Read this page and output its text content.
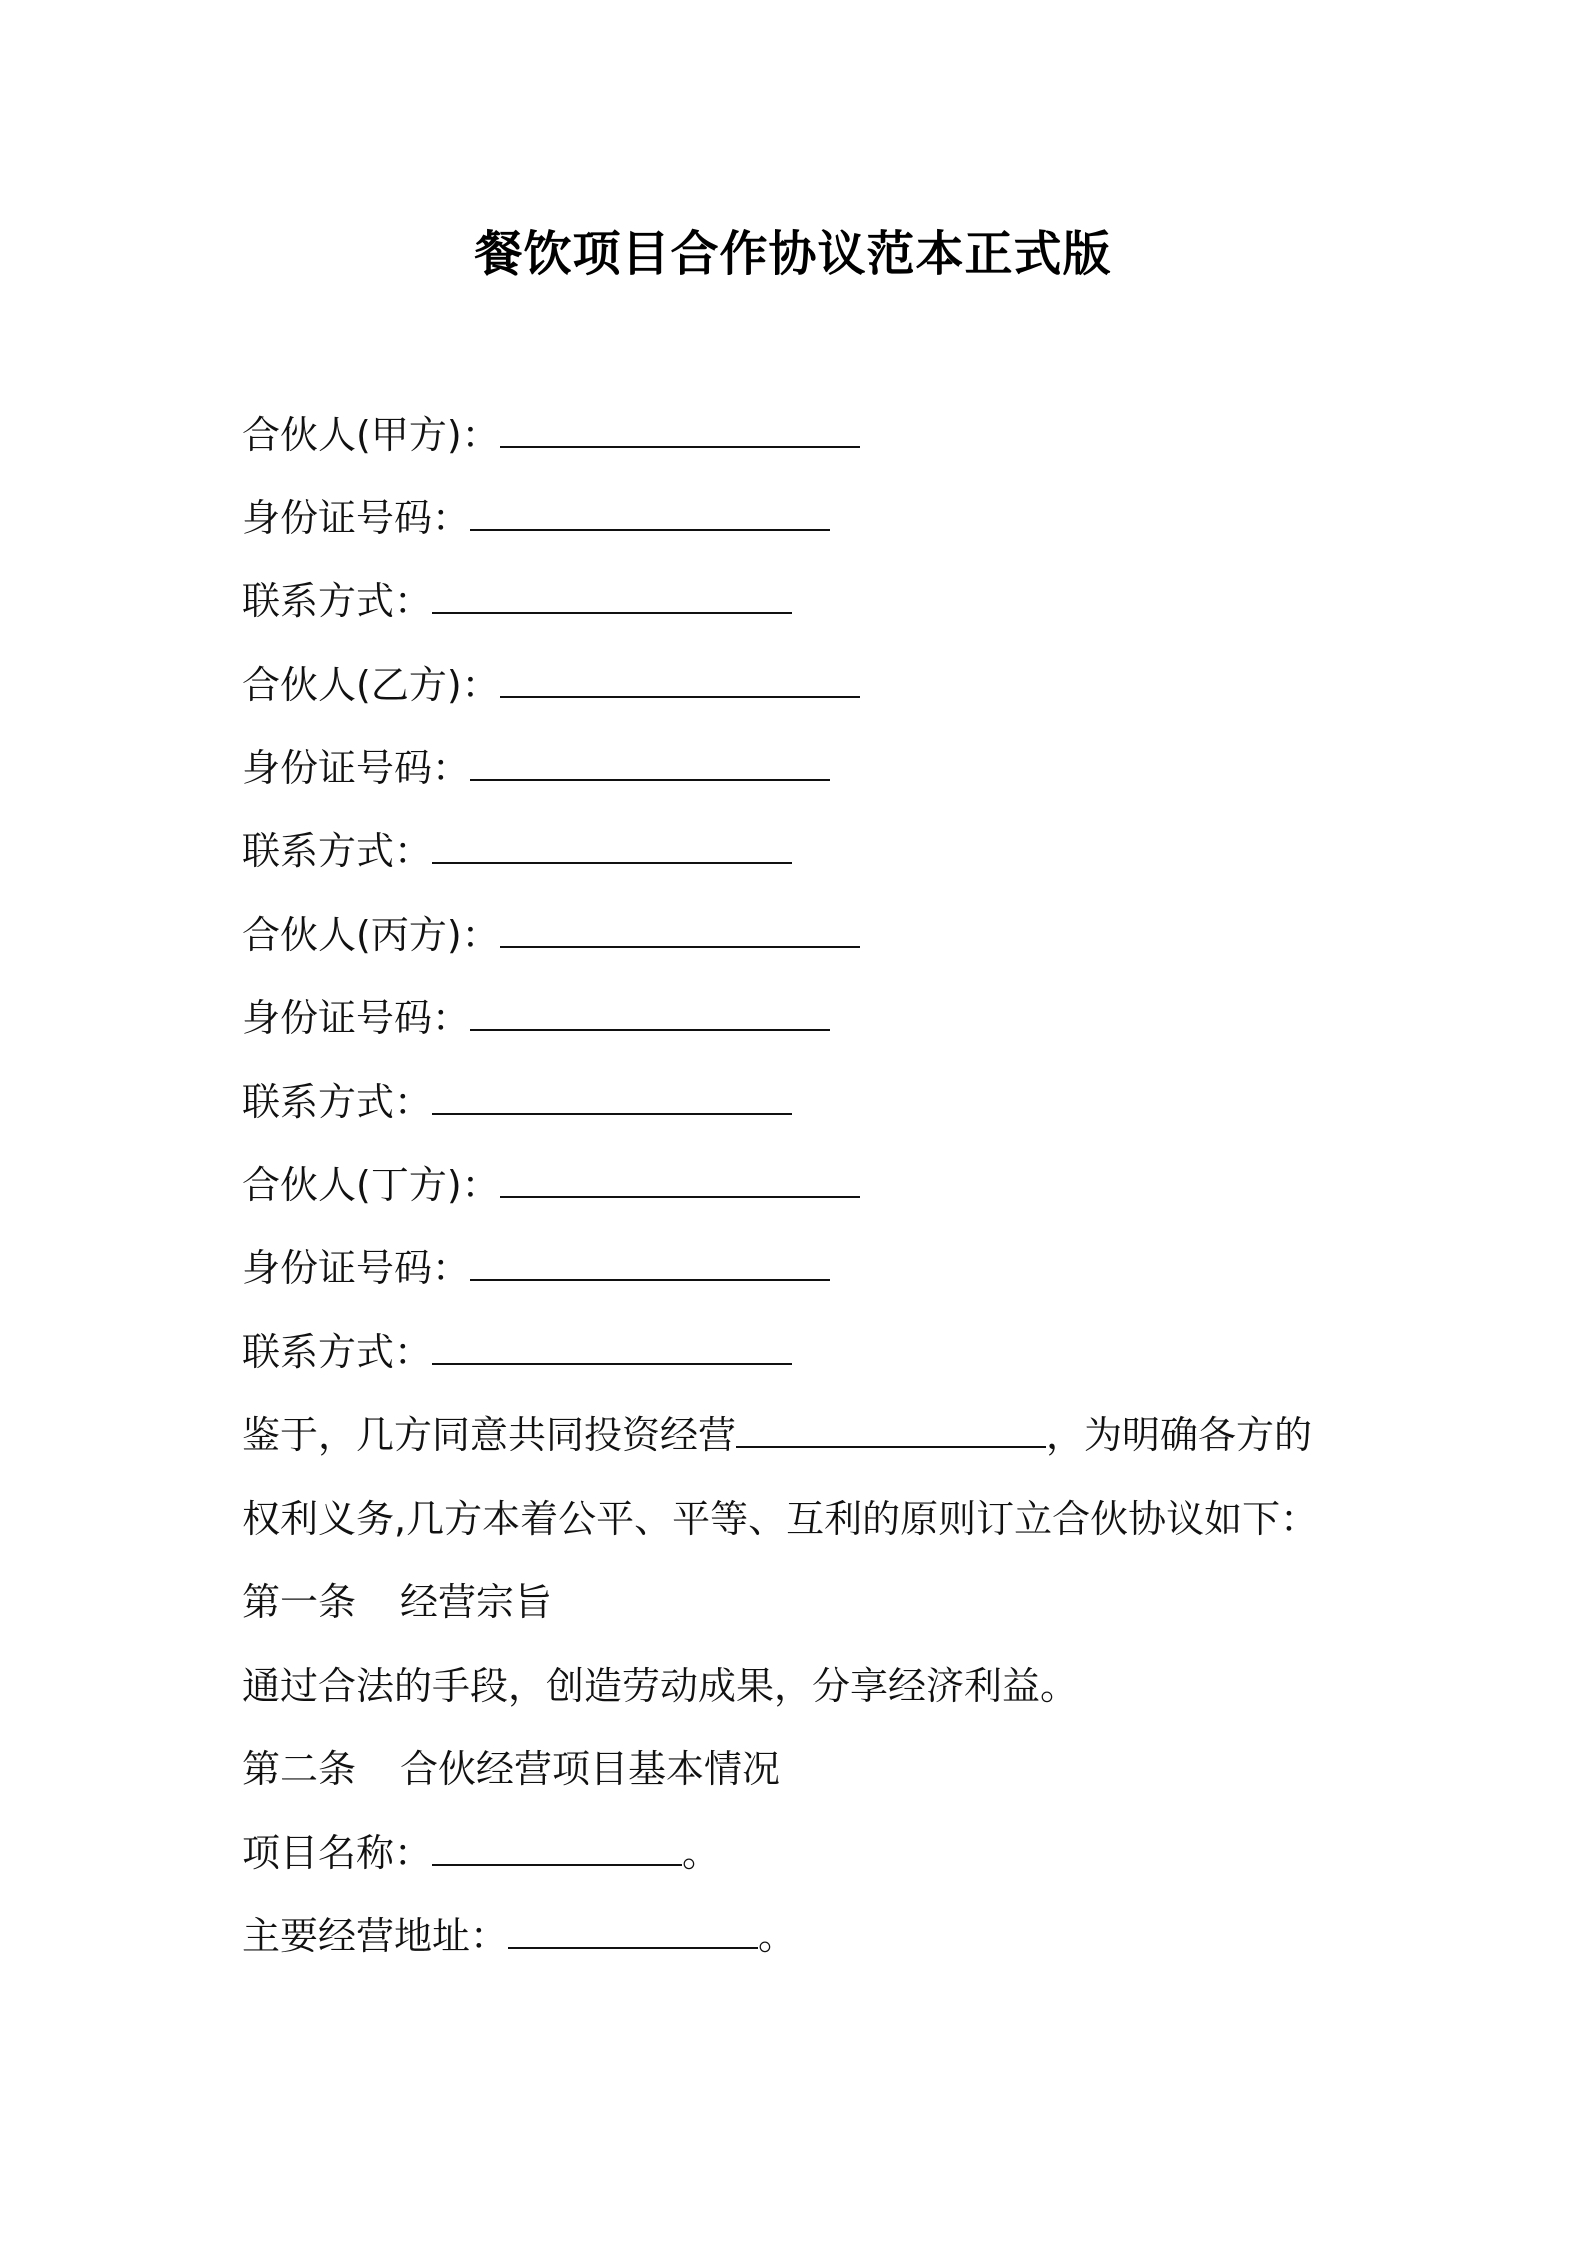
餐饮项目合作协议范本正式版
合伙人(甲方)：
身份证号码：
联系方式：
合伙人(乙方)：
身份证号码：
联系方式：
合伙人(丙方)：
身份证号码：
联系方式：
合伙人(丁方)：
身份证号码：
联系方式：
鉴于，几方同意共同投资经营	，为明确各方的
权利义务,几方本着公平、平等、互利的原则订立合伙协议如下：
第一条 经营宗旨
通过合法的手段，创造劳动成果，分享经济利益。
第二条 合伙经营项目基本情况
项目名称：	。
主要经营地址：	。
